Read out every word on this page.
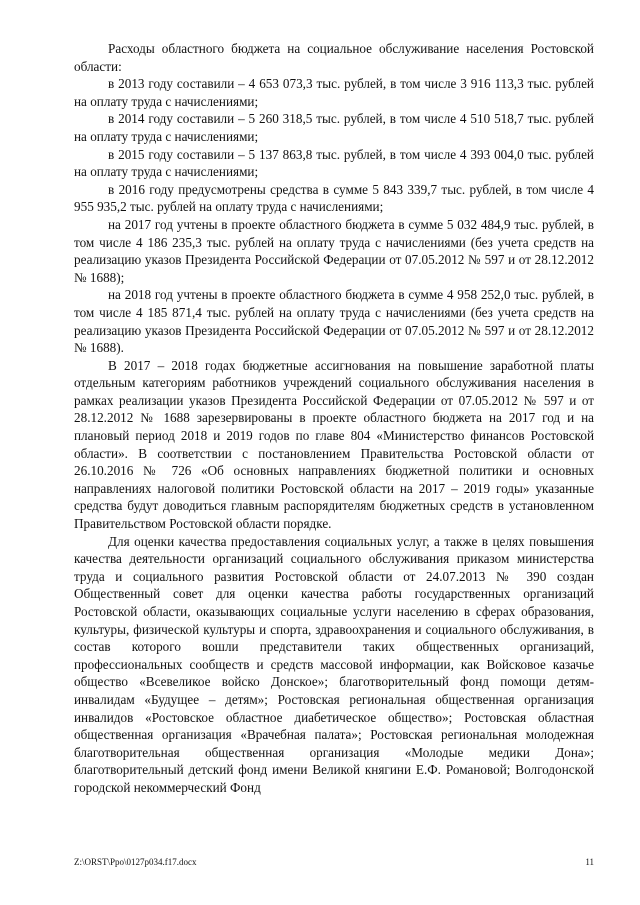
Расходы областного бюджета на социальное обслуживание населения Ростовской области:

в 2013 году составили – 4 653 073,3 тыс. рублей, в том числе 3 916 113,3 тыс. рублей на оплату труда с начислениями;

в 2014 году составили – 5 260 318,5 тыс. рублей, в том числе 4 510 518,7 тыс. рублей на оплату труда с начислениями;

в 2015 году составили – 5 137 863,8 тыс. рублей, в том числе 4 393 004,0 тыс. рублей на оплату труда с начислениями;

в 2016 году предусмотрены средства в сумме 5 843 339,7 тыс. рублей, в том числе 4 955 935,2 тыс. рублей на оплату труда с начислениями;

на 2017 год учтены в проекте областного бюджета в сумме 5 032 484,9 тыс. рублей, в том числе 4 186 235,3 тыс. рублей на оплату труда с начислениями (без учета средств на реализацию указов Президента Российской Федерации от 07.05.2012 № 597 и от 28.12.2012 № 1688);

на 2018 год учтены в проекте областного бюджета в сумме 4 958 252,0 тыс. рублей, в том числе 4 185 871,4 тыс. рублей на оплату труда с начислениями (без учета средств на реализацию указов Президента Российской Федерации от 07.05.2012 № 597 и от 28.12.2012 № 1688).

В 2017 – 2018 годах бюджетные ассигнования на повышение заработной платы отдельным категориям работников учреждений социального обслуживания населения в рамках реализации указов Президента Российской Федерации от 07.05.2012 № 597 и от 28.12.2012 № 1688 зарезервированы в проекте областного бюджета на 2017 год и на плановый период 2018 и 2019 годов по главе 804 «Министерство финансов Ростовской области». В соответствии с постановлением Правительства Ростовской области от 26.10.2016 № 726 «Об основных направлениях бюджетной политики и основных направлениях налоговой политики Ростовской области на 2017 – 2019 годы» указанные средства будут доводиться главным распорядителям бюджетных средств в установленном Правительством Ростовской области порядке.

Для оценки качества предоставления социальных услуг, а также в целях повышения качества деятельности организаций социального обслуживания приказом министерства труда и социального развития Ростовской области от 24.07.2013 № 390 создан Общественный совет для оценки качества работы государственных организаций Ростовской области, оказывающих социальные услуги населению в сферах образования, культуры, физической культуры и спорта, здравоохранения и социального обслуживания, в состав которого вошли представители таких общественных организаций, профессиональных сообществ и средств массовой информации, как Войсковое казачье общество «Всевеликое войско Донское»; благотворительный фонд помощи детям-инвалидам «Будущее – детям»; Ростовская региональная общественная организация инвалидов «Ростовское областное диабетическое общество»; Ростовская областная общественная организация «Врачебная палата»; Ростовская региональная молодежная благотворительная общественная организация «Молодые медики Дона»; благотворительный детский фонд имени Великой княгини Е.Ф. Романовой; Волгодонской городской некоммерческий Фонд

Z:\ORST\Ppo\0127p034.f17.docx	11
